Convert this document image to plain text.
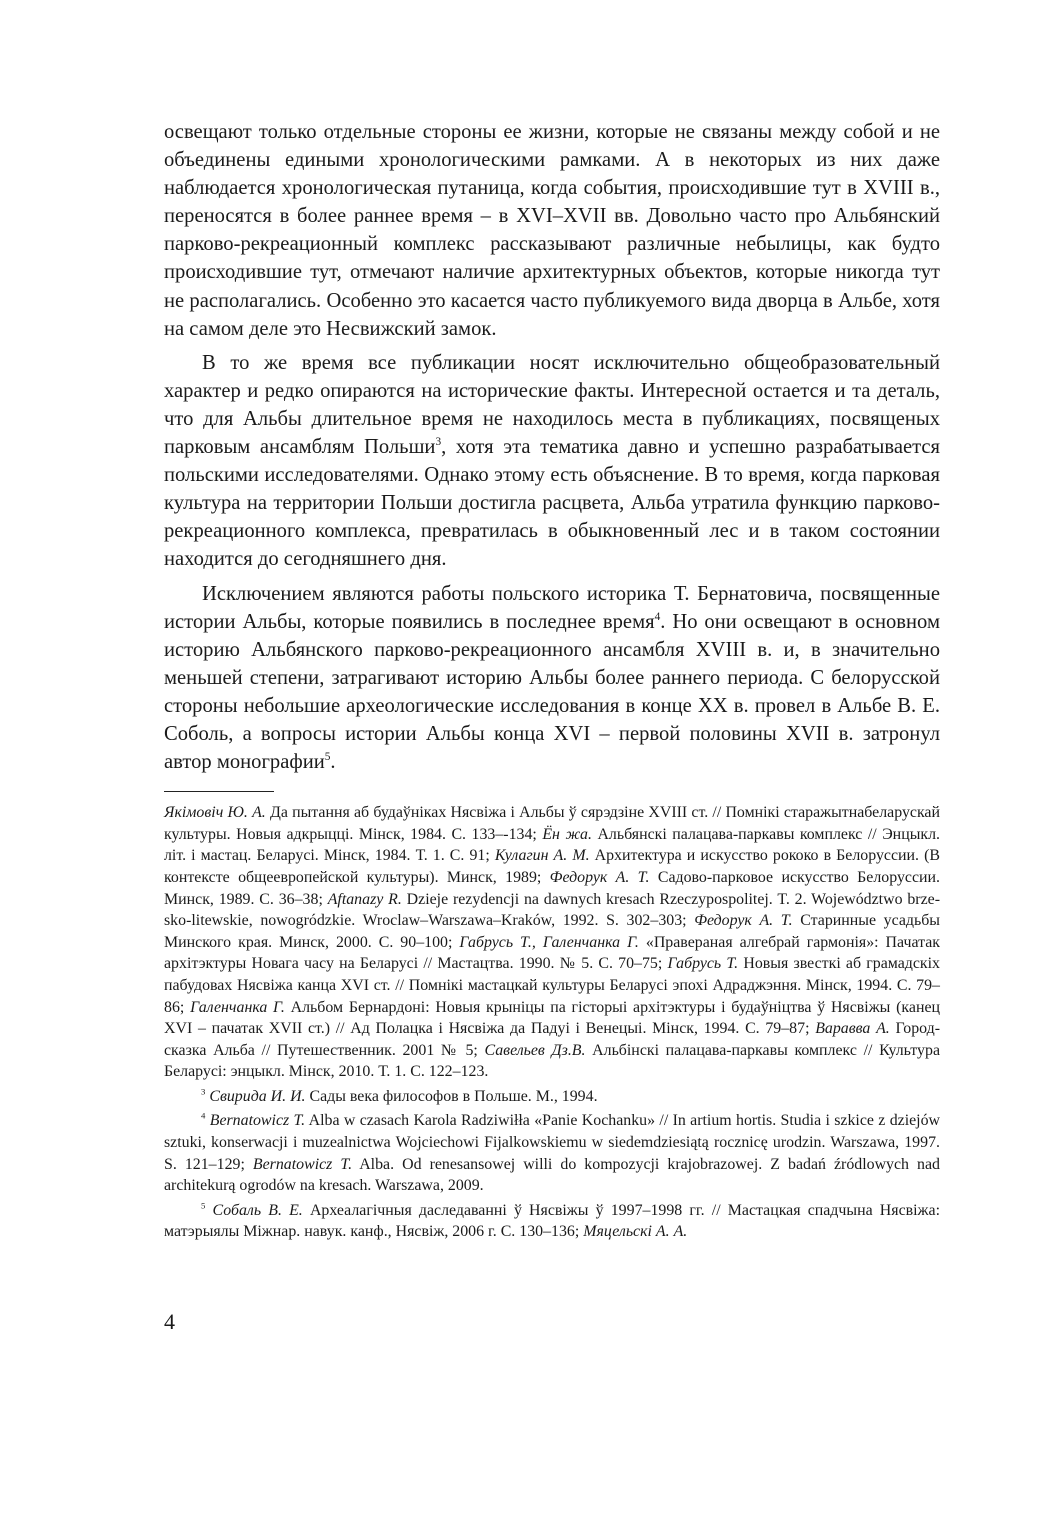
освещают только отдельные стороны ее жизни, которые не связаны между собой и не объединены едиными хронологическими рамками. А в некоторых из них даже наблюдается хронологическая путаница, когда события, происходившие тут в XVIII в., переносятся в более раннее время – в XVI–XVII вв. Довольно часто про Альбянский парково-рекреационный комплекс рассказывают различные небылицы, как будто происходившие тут, отмечают наличие архитектурных объектов, которые никогда тут не располагались. Особенно это касается часто публикуемого вида дворца в Альбе, хотя на самом деле это Несвижский замок.

В то же время все публикации носят исключительно общеобразовательный характер и редко опираются на исторические факты. Интересной остается и та деталь, что для Альбы длительное время не находилось места в публикациях, посвященых парковым ансамблям Польши$^3$, хотя эта тематика давно и успешно разрабатывается польскими исследователями. Однако этому есть объяснение. В то время, когда парковая культура на территории Польши достигла расцвета, Альба утратила функцию парково-рекреационного комплекса, превратилась в обыкновенный лес и в таком состоянии находится до сегодняшнего дня.

Исключением являются работы польского историка Т. Бернатовича, посвященные истории Альбы, которые появились в последнее время$^4$. Но они освещают в основном историю Альбянского парково-рекреационного ансамбля XVIII в. и, в значительно меньшей степени, затрагивают историю Альбы более раннего периода. С белорусской стороны небольшие археологические исследования в конце XX в. провел в Альбе В. Е. Соболь, а вопросы истории Альбы конца XVI – первой половины XVII в. затронул автор монографии$^5$.

Якімовіч Ю. А. Да пытання аб будаўніках Нясвіжа і Альбы ў сярэдзіне XVIII ст. // Помнікі старажытнабеларускай культуры. Новыя адкрыцці. Мінск, 1984. С. 133–-134; Ён жа. Альбянскі палацава-паркавы комплекс // Энцыкл. літ. і мастац. Беларусі. Мінск, 1984. Т. 1. С. 91; Кулагин А. М. Архитектура и искусство рококо в Белоруссии. (В контексте общеевропейской культуры). Минск, 1989; Федорук А. Т. Садово-парковое искусство Белоруссии. Минск, 1989. С. 36–38; Aftanazy R. Dzieje rezydencji na dawnych kresach Rzeczypospolitej. T. 2. Województwo brzesko-litewskie, nowogródzkie. Wroclaw–Warszawa–Kraków, 1992. S. 302–303; Федорук А. Т. Старинные усадьбы Минского края. Минск, 2000. С. 90–100; Габрусь Т., Галенчанка Г. «Правераная алгебрай гармонія»: Пачатак архітэктуры Новага часу на Беларусі // Мастацтва. 1990. № 5. С. 70–75; Габрусь Т. Новыя звесткі аб грамадскіх пабудовах Нясвіжа канца XVI ст. // Помнікі мастацкай культуры Беларусі эпохі Адраджэння. Мінск, 1994. С. 79–86; Галенчанка Г. Альбом Бернардоні: Новыя крыніцы па гісторыі архітэктуры і будаўніцтва ў Нясвіжы (канец XVI – пачатак XVII ст.) // Ад Полацка і Нясвіжа да Падуі і Венецыі. Мінск, 1994. С. 79–87; Варавва А. Город-сказка Альба // Путешественник. 2001 № 5; Савельев Дз.В. Альбінскі палацава-паркавы комплекс // Культура Беларусі: энцыкл. Мінск, 2010. Т. 1. С. 122–123.

$^3$ Свирида И. И. Сады века философов в Польше. М., 1994.

$^4$ Bernatowicz T. Alba w czasach Karola Radziwiłła «Panie Kochanku» // In artium hortis. Studia i szkice z dziejów sztuki, konserwacji i muzealnictwa Wojciechowi Fijalkowskiemu w siedemdziesiątą rocznicę urodzin. Warszawa, 1997. S. 121–129; Bernatowicz T. Alba. Od renesansowej willi do kompozycji krajobrazowej. Z badań źródlowych nad architekurą ogrodów na kresach. Warszawa, 2009.

$^5$ Собаль В. Е. Археалагічныя даследаванні ў Нясвіжы ў 1997–1998 гг. // Мастацкая спадчына Нясвіжа: матэрыялы Міжнар. навук. канф., Нясвіж, 2006 г. С. 130–136; Мяцельскі А. А.

4
